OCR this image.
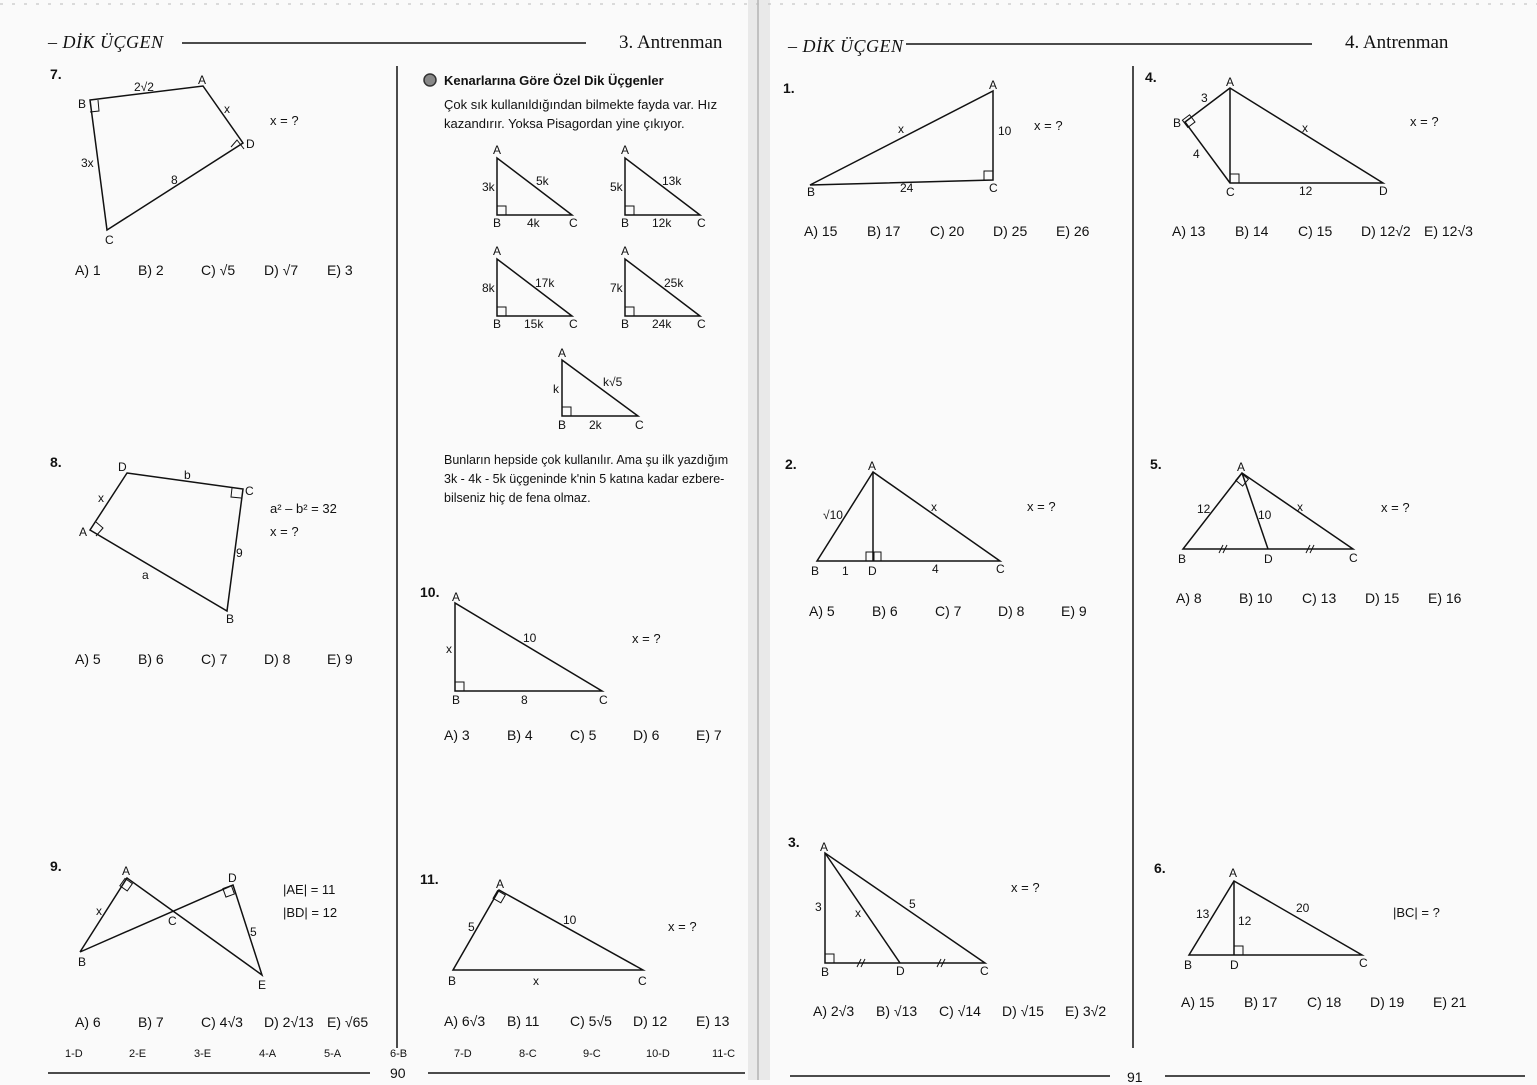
– DİK ÜÇGEN	3. Antrenman	– DİK ÜÇGEN	4. Antrenman
7.	A
B
C
D
2√2
x
3x
8
x = ?
A) 1	B) 2	C) √5	D) √7	E) 3
8.
A
B
C
D
b
x
a
9
a² – b² = 32
x = ?
A) 5	B) 6	C) 7	D) 8	E) 9
9.	A
B
C
D
E
x
5
|AE| = 11
|BD| = 12
A) 6	B) 7	C) 4√3	D) 2√13 E) √65
Kenarlarına Göre Özel Dik Üçgenler
Çok sık kullanıldığından bilmekte fayda var. Hız
kazandırır. Yoksa Pisagordan yine çıkıyor.
A
B	C
3k
4k
5k
A
B	C
5k
12k
13k
A
B	C
8k
15k
17k
A
B	C
7k
24k
25k
A
B	C
k
2k
k√5
Bunların hepside çok kullanılır. Ama şu ilk yazdığım
3k - 4k - 5k üçgeninde k'nin 5 katına kadar ezbere-
bilseniz hiç de fena olmaz.
10. A
B	C
x
10
8
x = ?
A) 3	B) 4	C) 5	D) 6	E) 7
11.	A
B	C
5	10
x
x = ?
A) 6√3	B) 11	C) 5√5	D) 12	E) 13
1-D	2-E	3-E	4-A	5-A	6-B	7-D	8-C	9-C	10-D	11-C
90	91
1.	A
B	C
x	10
24
x = ?
A) 15	B) 17	C) 20	D) 25	E) 26
2.	A
B	C
D
√10
x
1	4
x = ?
A) 5	B) 6	C) 7	D) 8	E) 9
3. A
B	C
D
3	x
5
x = ?
A) 2√3	B) √13	C) √14	D) √15	E) 3√2
4.	A
B
C	D
3
4
x
12
x = ?
A) 13	B) 14	C) 15	D) 12√2 E) 12√3
5.	A
B	C
D
12	10
x	x = ?
A) 8	B) 10	C) 13	D) 15	E) 16
6.	A
B	C
D
13 12
20	|BC| = ?
A) 15	B) 17	C) 18	D) 19	E) 21
